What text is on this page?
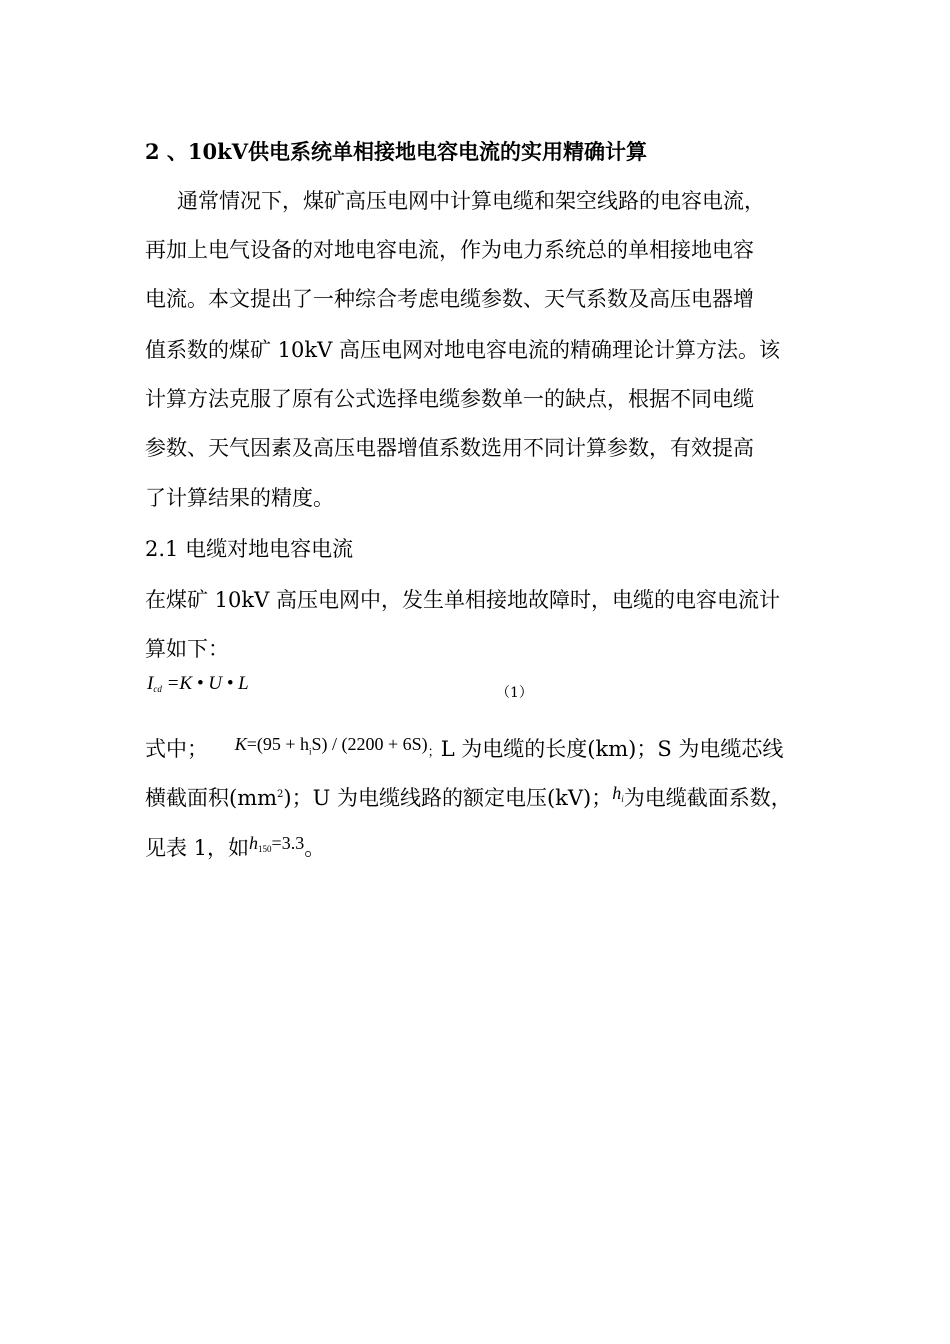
2 、10kV供电系统单相接地电容电流的实用精确计算
通常情况下，煤矿高压电网中计算电缆和架空线路的电容电流，
再加上电气设备的对地电容电流，作为电力系统总的单相接地电容
电流。本文提出了一种综合考虑电缆参数、天气系数及高压电器增
值系数的煤矿 10kV 高压电网对地电容电流的精确理论计算方法。该
计算方法克服了原有公式选择电缆参数单一的缺点，根据不同电缆
参数、天气因素及高压电器增值系数选用不同计算参数，有效提高
了计算结果的精度。
2.1 电缆对地电容电流
在煤矿 10kV 高压电网中，发生单相接地故障时，电缆的电容电流计
算如下：
$I_{cd} =K$ • U • L	（1）
式中； $K=(95 + h_iS) / (2200 + 6S)$；L 为电缆的长度(km)；S 为电缆芯线
横截面积$(mm^2)$；U 为电缆线路的额定电压(kV)；$h_i$为电缆截面系数，
见表 1，如$h_{150}=3.3$。
